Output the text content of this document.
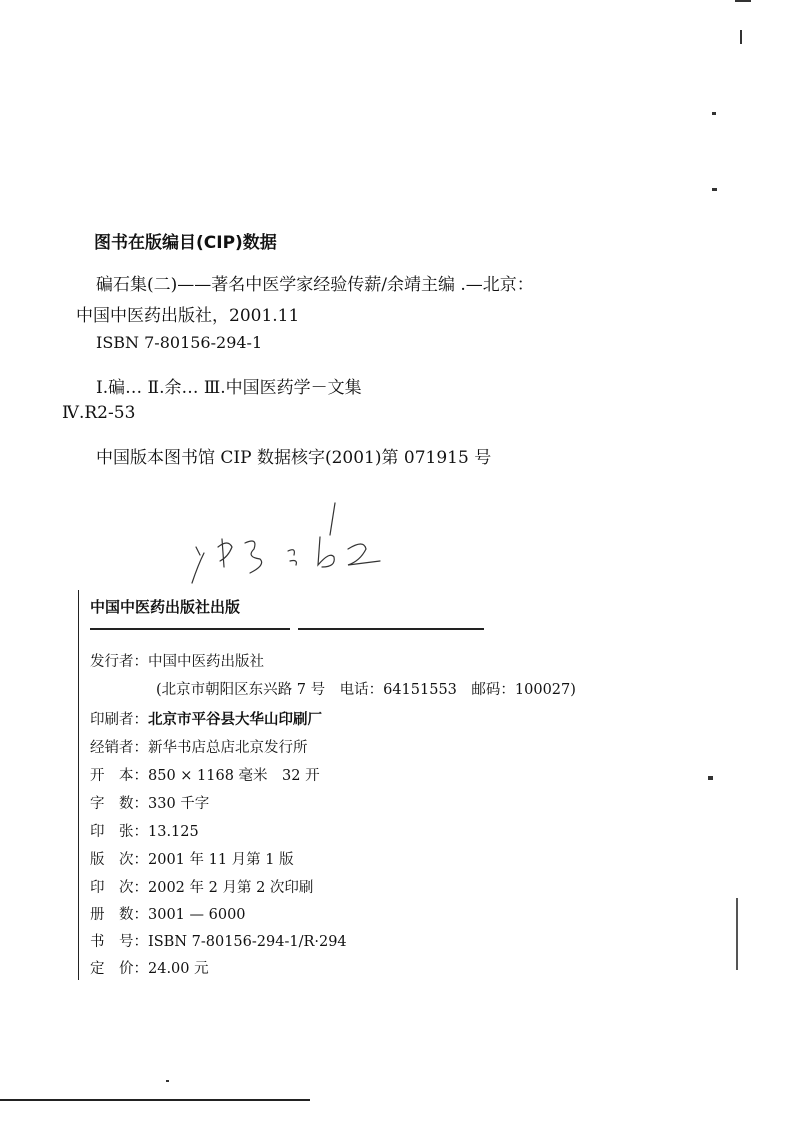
图书在版编目(CIP)数据
碥石集(二)——著名中医学家经验传薪/余靖主编 .—北京：
中国中医药出版社，2001.11
ISBN 7-80156-294-1
Ⅰ.碥… Ⅱ.余… Ⅲ.中国医药学－文集
Ⅳ.R2-53
中国版本图书馆 CIP 数据核字(2001)第 071915 号
中国中医药出版社出版
发行者：中国中医药出版社
(北京市朝阳区东兴路 7 号　电话：64151553　邮码：100027)
印刷者：北京市平谷县大华山印刷厂
经销者：新华书店总店北京发行所
开　本：850 × 1168 毫米　32 开
字　数：330 千字
印　张：13.125
版　次：2001 年 11 月第 1 版
印　次：2002 年 2 月第 2 次印刷
册　数：3001 — 6000
书　号：ISBN 7-80156-294-1/R·294
定　价：24.00 元
